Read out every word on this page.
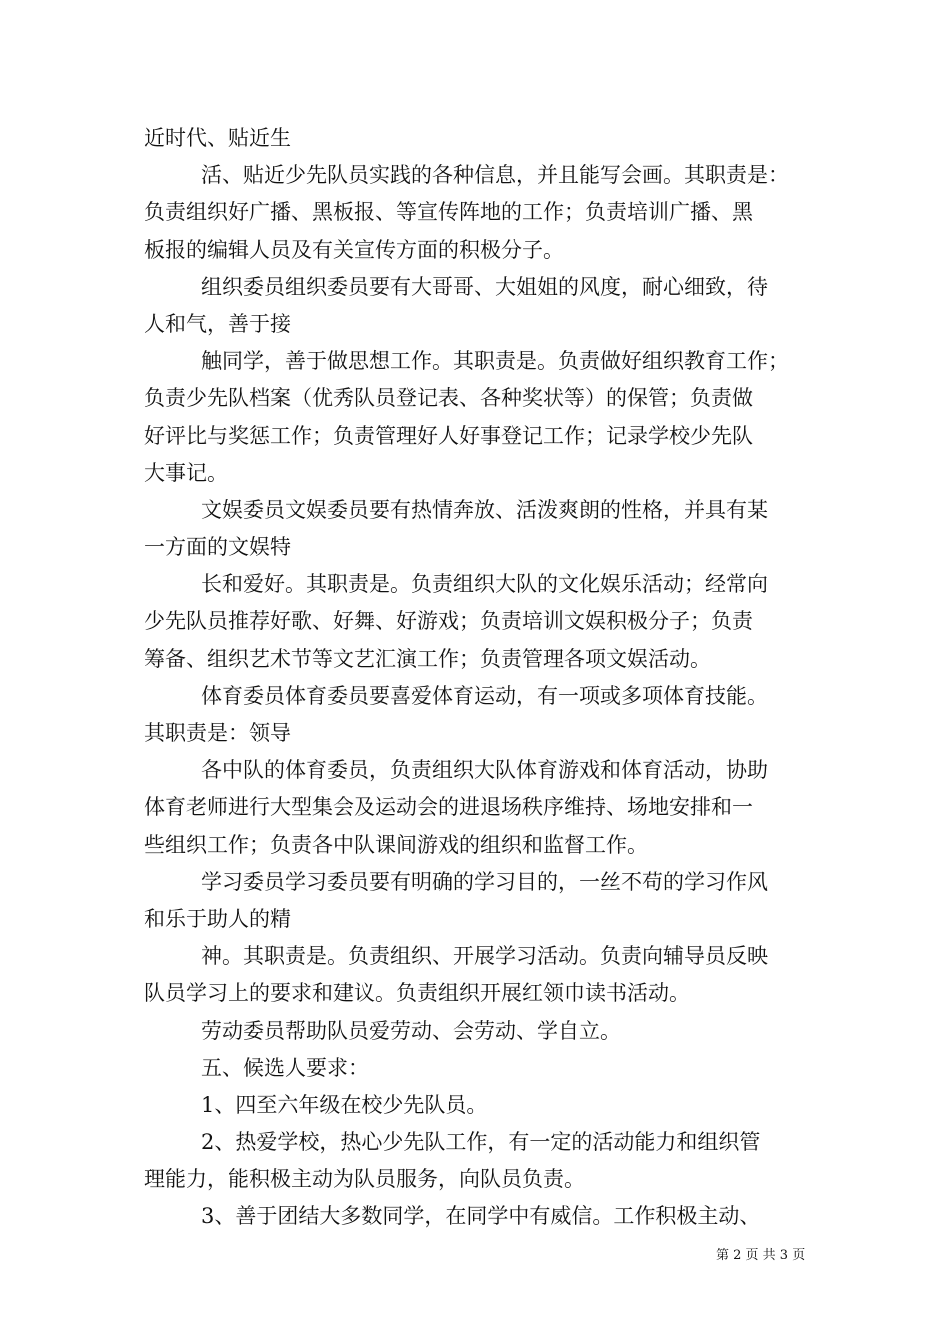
近时代、贴近生

活、贴近少先队员实践的各种信息，并且能写会画。其职责是：

负责组织好广播、黑板报、等宣传阵地的工作；负责培训广播、黑

板报的编辑人员及有关宣传方面的积极分子。

组织委员组织委员要有大哥哥、大姐姐的风度，耐心细致，待

人和气，善于接

触同学，善于做思想工作。其职责是。负责做好组织教育工作；

负责少先队档案（优秀队员登记表、各种奖状等）的保管；负责做

好评比与奖惩工作；负责管理好人好事登记工作；记录学校少先队

大事记。

文娱委员文娱委员要有热情奔放、活泼爽朗的性格，并具有某

一方面的文娱特

长和爱好。其职责是。负责组织大队的文化娱乐活动；经常向

少先队员推荐好歌、好舞、好游戏；负责培训文娱积极分子；负责

筹备、组织艺术节等文艺汇演工作；负责管理各项文娱活动。

体育委员体育委员要喜爱体育运动，有一项或多项体育技能。

其职责是：领导

各中队的体育委员，负责组织大队体育游戏和体育活动，协助

体育老师进行大型集会及运动会的进退场秩序维持、场地安排和一

些组织工作；负责各中队课间游戏的组织和监督工作。

学习委员学习委员要有明确的学习目的，一丝不苟的学习作风

和乐于助人的精

神。其职责是。负责组织、开展学习活动。负责向辅导员反映

队员学习上的要求和建议。负责组织开展红领巾读书活动。

劳动委员帮助队员爱劳动、会劳动、学自立。

五、候选人要求：

1、四至六年级在校少先队员。

2、热爱学校，热心少先队工作，有一定的活动能力和组织管

理能力，能积极主动为队员服务，向队员负责。

3、善于团结大多数同学，在同学中有威信。工作积极主动、

第 2 页 共 3 页
